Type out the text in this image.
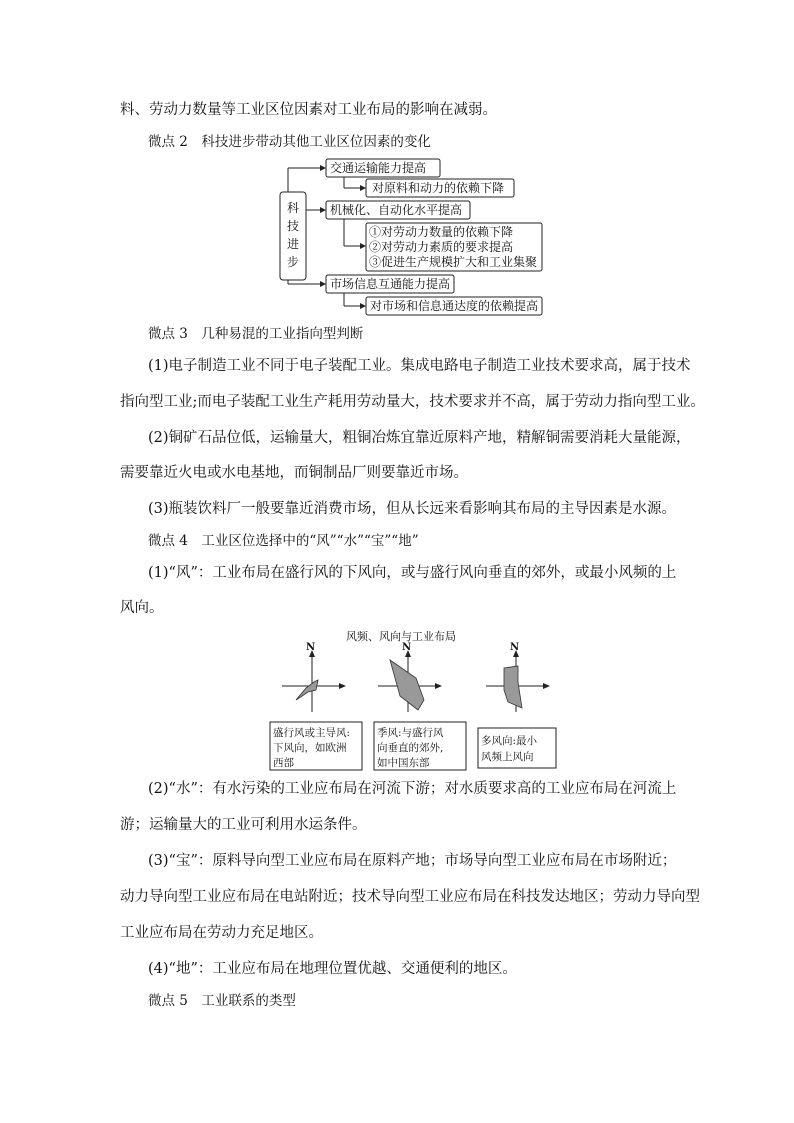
料、劳动力数量等工业区位因素对工业布局的影响在减弱。
微点 2　科技进步带动其他工业区位因素的变化
科
技
进
步
交通运输能力提高
对原料和动力的依赖下降
机械化、自动化水平提高
①对劳动力数量的依赖下降
②对劳动力素质的要求提高
③促进生产规模扩大和工业集聚
市场信息互通能力提高
对市场和信息通达度的依赖提高
微点 3　几种易混的工业指向型判断
(1)电子制造工业不同于电子装配工业。集成电路电子制造工业技术要求高，属于技术
指向型工业;而电子装配工业生产耗用劳动量大，技术要求并不高，属于劳动力指向型工业。
(2)铜矿石品位低，运输量大，粗铜冶炼宜靠近原料产地，精解铜需要消耗大量能源，
需要靠近火电或水电基地，而铜制品厂则要靠近市场。
(3)瓶装饮料厂一般要靠近消费市场，但从长远来看影响其布局的主导因素是水源。
微点 4　工业区位选择中的“风”“水”“宝”“地”
(1)“风”：工业布局在盛行风的下风向，或与盛行风向垂直的郊外，或最小风频的上
风向。
风频、风向与工业布局
N	N	N
盛行风或主导风:
下风向，如欧洲
西部
季风:与盛行风
向垂直的郊外,
如中国东部
多风向:最小
风频上风向
(2)“水”：有水污染的工业应布局在河流下游；对水质要求高的工业应布局在河流上
游；运输量大的工业可利用水运条件。
(3)“宝”：原料导向型工业应布局在原料产地；市场导向型工业应布局在市场附近；
动力导向型工业应布局在电站附近；技术导向型工业应布局在科技发达地区；劳动力导向型
工业应布局在劳动力充足地区。
(4)“地”：工业应布局在地理位置优越、交通便利的地区。
微点 5　工业联系的类型
